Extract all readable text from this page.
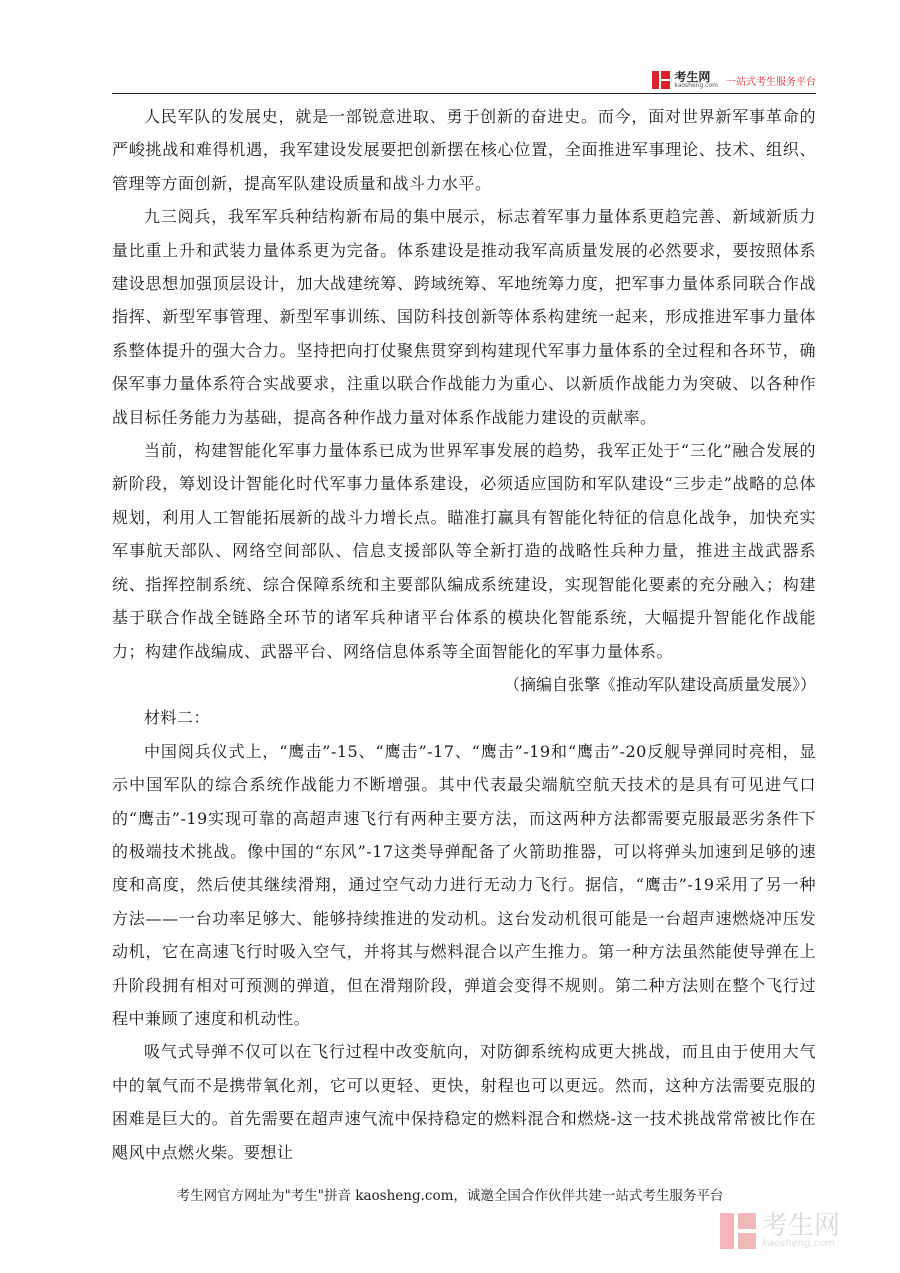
考生网
kaosheng.com 一站式考生服务平台

人民军队的发展史，就是一部锐意进取、勇于创新的奋进史。而今，面对世界新军事革命的严峻挑战和难得机遇，我军建设发展要把创新摆在核心位置，全面推进军事理论、技术、组织、管理等方面创新，提高军队建设质量和战斗力水平。

九三阅兵，我军军兵种结构新布局的集中展示，标志着军事力量体系更趋完善、新域新质力量比重上升和武装力量体系更为完备。体系建设是推动我军高质量发展的必然要求，要按照体系建设思想加强顶层设计，加大战建统筹、跨域统筹、军地统筹力度，把军事力量体系同联合作战指挥、新型军事管理、新型军事训练、国防科技创新等体系构建统一起来，形成推进军事力量体系整体提升的强大合力。坚持把向打仗聚焦贯穿到构建现代军事力量体系的全过程和各环节，确保军事力量体系符合实战要求，注重以联合作战能力为重心、以新质作战能力为突破、以各种作战目标任务能力为基础，提高各种作战力量对体系作战能力建设的贡献率。

当前，构建智能化军事力量体系已成为世界军事发展的趋势，我军正处于“三化”融合发展的新阶段，筹划设计智能化时代军事力量体系建设，必须适应国防和军队建设“三步走”战略的总体规划，利用人工智能拓展新的战斗力增长点。瞄准打赢具有智能化特征的信息化战争，加快充实军事航天部队、网络空间部队、信息支援部队等全新打造的战略性兵种力量，推进主战武器系统、指挥控制系统、综合保障系统和主要部队编成系统建设，实现智能化要素的充分融入；构建基于联合作战全链路全环节的诸军兵种诸平台体系的模块化智能系统，大幅提升智能化作战能力；构建作战编成、武器平台、网络信息体系等全面智能化的军事力量体系。

（摘编自张擎《推动军队建设高质量发展》）

材料二：

中国阅兵仪式上，“鹰击”-15、“鹰击”-17、“鹰击”-19和“鹰击”-20反舰导弹同时亮相，显示中国军队的综合系统作战能力不断增强。其中代表最尖端航空航天技术的是具有可见进气口的“鹰击”-19实现可靠的高超声速飞行有两种主要方法，而这两种方法都需要克服最恶劣条件下的极端技术挑战。像中国的“东风”-17这类导弹配备了火箭助推器，可以将弹头加速到足够的速度和高度，然后使其继续滑翔，通过空气动力进行无动力飞行。据信，“鹰击”-19采用了另一种方法——一台功率足够大、能够持续推进的发动机。这台发动机很可能是一台超声速燃烧冲压发动机，它在高速飞行时吸入空气，并将其与燃料混合以产生推力。第一种方法虽然能使导弹在上升阶段拥有相对可预测的弹道，但在滑翔阶段，弹道会变得不规则。第二种方法则在整个飞行过程中兼顾了速度和机动性。

吸气式导弹不仅可以在飞行过程中改变航向，对防御系统构成更大挑战，而且由于使用大气中的氧气而不是携带氧化剂，它可以更轻、更快，射程也可以更远。然而，这种方法需要克服的困难是巨大的。首先需要在超声速气流中保持稳定的燃料混合和燃烧-这一技术挑战常常被比作在飓风中点燃火柴。要想让

考生网官方网址为"考生"拼音 kaosheng.com，诚邀全国合作伙伴共建一站式考生服务平台
考生网
kaosheng.com
